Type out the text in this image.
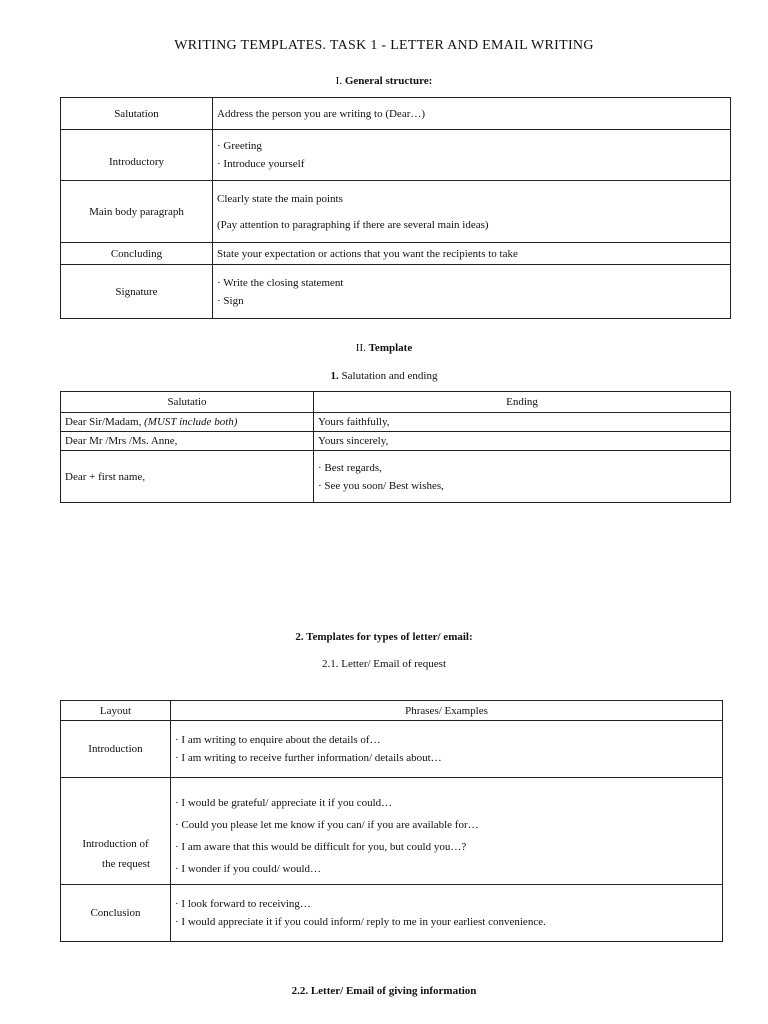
WRITING TEMPLATES. TASK 1 - LETTER AND EMAIL WRITING
I. General structure:
Salutation	Address the person you are writing to (Dear…)
Introductory	· Greeting
· Introduce yourself

Main body paragraph	Clearly state the main points
(Pay attention to paragraphing if there are several main ideas)

Concluding	State your expectation or actions that you want the recipients to take
Signature	· Write the closing statement
· Sign
II. Template
1. Salutation and ending
Salutatio	Ending
Dear Sir/Madam, (MUST include both)	Yours faithfully,
Dear Mr /Mrs /Ms. Anne,	Yours sincerely,
Dear + first name,	· Best regards,
· See you soon/ Best wishes,
2. Templates for types of letter/ email:
2.1. Letter/ Email of request
Layout	Phrases/ Examples
Introduction	· I am writing to enquire about the details of…
· I am writing to receive further information/ details about…

Introduction of
the request	· I would be grateful/ appreciate it if you could…
· Could you please let me know if you can/ if you are available for…
· I am aware that this would be difficult for you, but could you…?
· I wonder if you could/ would…

Conclusion	· I look forward to receiving…
· I would appreciate it if you could inform/ reply to me in your earliest convenience.
2.2. Letter/ Email of giving information
